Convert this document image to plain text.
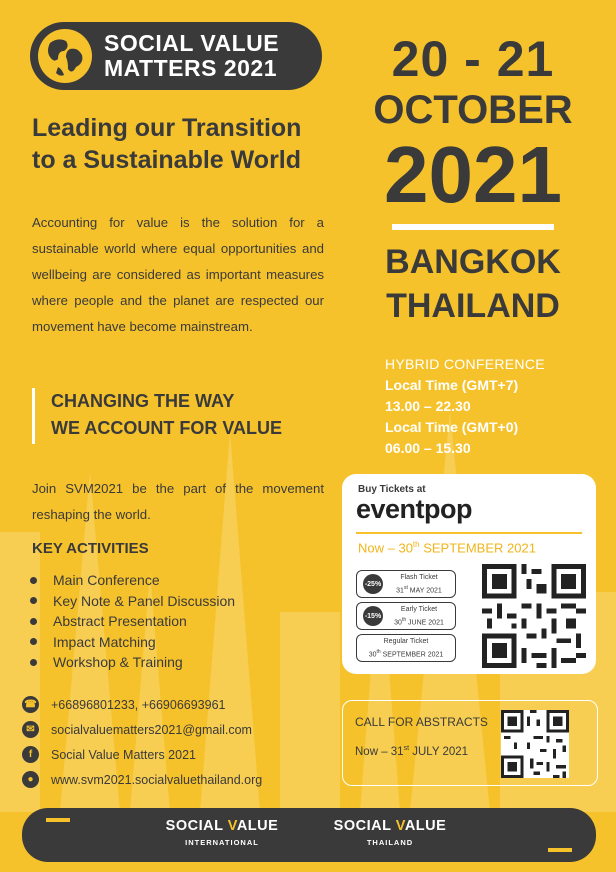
SOCIAL VALUE
MATTERS 2021	20 - 21
OCTOBER
2021
BANGKOK
THAILAND
Leading our Transition
to a Sustainable World
Accounting for value is the solution for a sustainable world where equal opportunities and wellbeing are considered as important measures where people and the planet are respected our movement have become mainstream.
HYBRID CONFERENCE
Local Time (GMT+7)
13.00 – 22.30
Local Time (GMT+0)
06.00 – 15.30
CHANGING THE WAY
WE ACCOUNT FOR VALUE
Join SVM2021 be the part of the movement reshaping the world.
KEY ACTIVITIES
Main Conference
Key Note & Panel Discussion
Abstract Presentation
Impact Matching
Workshop & Training
☎ +66896801233, +66906693961
✉	socialvaluematters2021@gmail.com
f	Social Value Matters 2021
●	www.svm2021.socialvaluethailand.org
Buy Tickets at
eventpop
Now – 30th SEPTEMBER 2021
-25%
Flash Ticket
31st MAY 2021
-15%
Early Ticket
30th JUNE 2021
Regular Ticket
30th SEPTEMBER 2021
CALL FOR ABSTRACTS
Now – 31st JULY 2021
SOCIAL VALUE
INTERNATIONAL
SOCIAL VALUE
THAILAND
